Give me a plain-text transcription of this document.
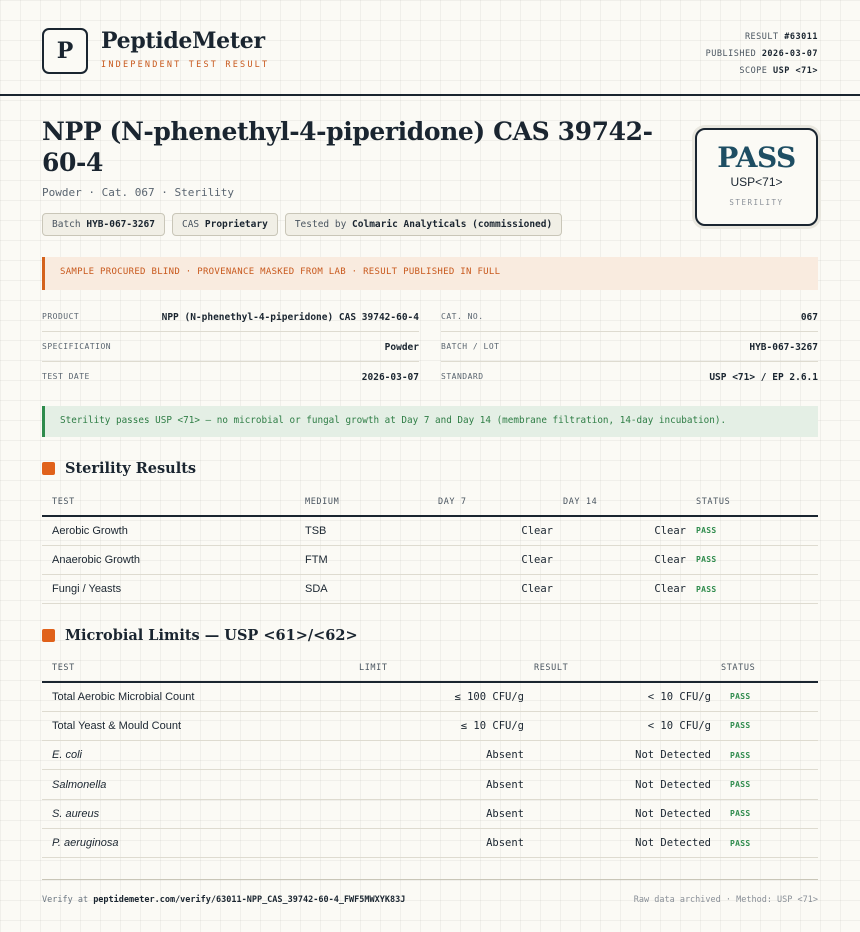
P	PeptideMeter
INDEPENDENT TEST RESULT
RESULT #63011
PUBLISHED 2026-03-07
SCOPE USP <71>
NPP (N-phenethyl-4-piperidone) CAS 39742-60-4
Powder · Cat. 067 · Sterility
Batch HYB-067-3267	CAS Proprietary	Tested by Colmaric Analyticals (commissioned)
PASS
USP<71>
STERILITY
SAMPLE PROCURED BLIND · PROVENANCE MASKED FROM LAB · RESULT PUBLISHED IN FULL
PRODUCT	NPP (N-phenethyl-4-piperidone) CAS 39742-60-4
SPECIFICATION	Powder
TEST DATE	2026-03-07
CAT. NO.	067
BATCH / LOT	HYB-067-3267
STANDARD	USP <71> / EP 2.6.1
Sterility passes USP <71> — no microbial or fungal growth at Day 7 and Day 14 (membrane filtration, 14-day incubation).
Sterility Results
TEST	MEDIUM	DAY 7	DAY 14	STATUS
Aerobic Growth	TSB	Clear	Clear	PASS
Anaerobic Growth	FTM	Clear	Clear	PASS
Fungi / Yeasts	SDA	Clear	Clear	PASS
Microbial Limits — USP <61>/<62>
TEST	LIMIT	RESULT	STATUS
Total Aerobic Microbial Count	≤ 100 CFU/g	< 10 CFU/g	PASS
Total Yeast & Mould Count	≤ 10 CFU/g	< 10 CFU/g	PASS
E. coli	Absent	Not Detected	PASS
Salmonella	Absent	Not Detected	PASS
S. aureus	Absent	Not Detected	PASS
P. aeruginosa	Absent	Not Detected	PASS
Verify at peptidemeter.com/verify/63011-NPP_CAS_39742-60-4_FWF5MWXYK83J	Raw data archived · Method: USP <71>
